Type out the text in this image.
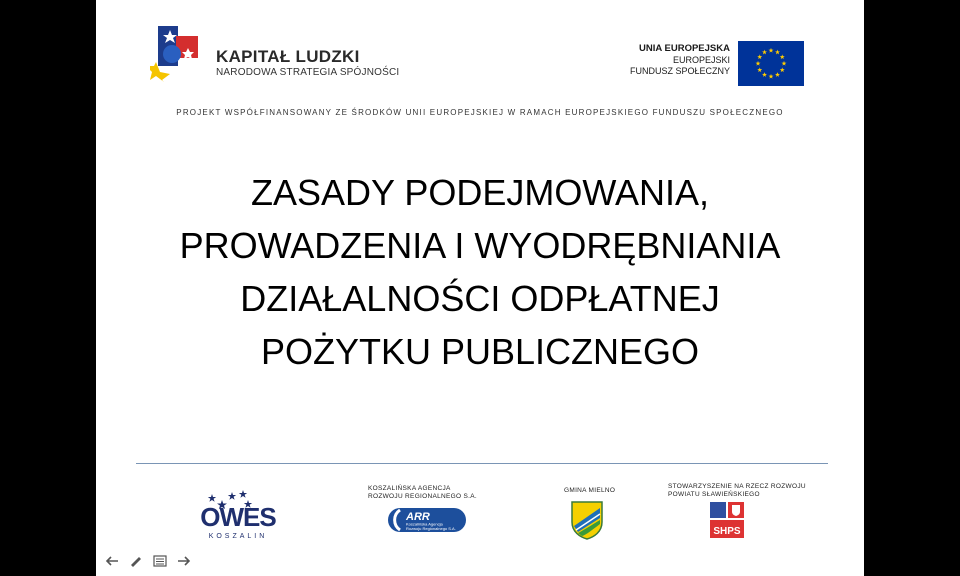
KAPITAŁ LUDZKI
NARODOWA STRATEGIA SPÓJNOŚCI
UNIA EUROPEJSKA
EUROPEJSKI
FUNDUSZ SPOŁECZNY
PROJEKT WSPÓŁFINANSOWANY ZE ŚRODKÓW UNII EUROPEJSKIEJ W RAMACH EUROPEJSKIEGO FUNDUSZU SPOŁECZNEGO
ZASADY PODEJMOWANIA,
PROWADZENIA I WYODRĘBNIANIA
DZIAŁALNOŚCI ODPŁATNEJ
POŻYTKU PUBLICZNEGO
OWES
KOSZALIN
KOSZALIŃSKA AGENCJA
ROZWOJU REGIONALNEGO S.A.
ARR
Koszalińska Agencja
Rozwoju Regionalnego S.A.
GMINA MIELNO
STOWARZYSZENIE NA RZECZ ROZWOJU
POWIATU SŁAWIEŃSKIEGO
SHPS
